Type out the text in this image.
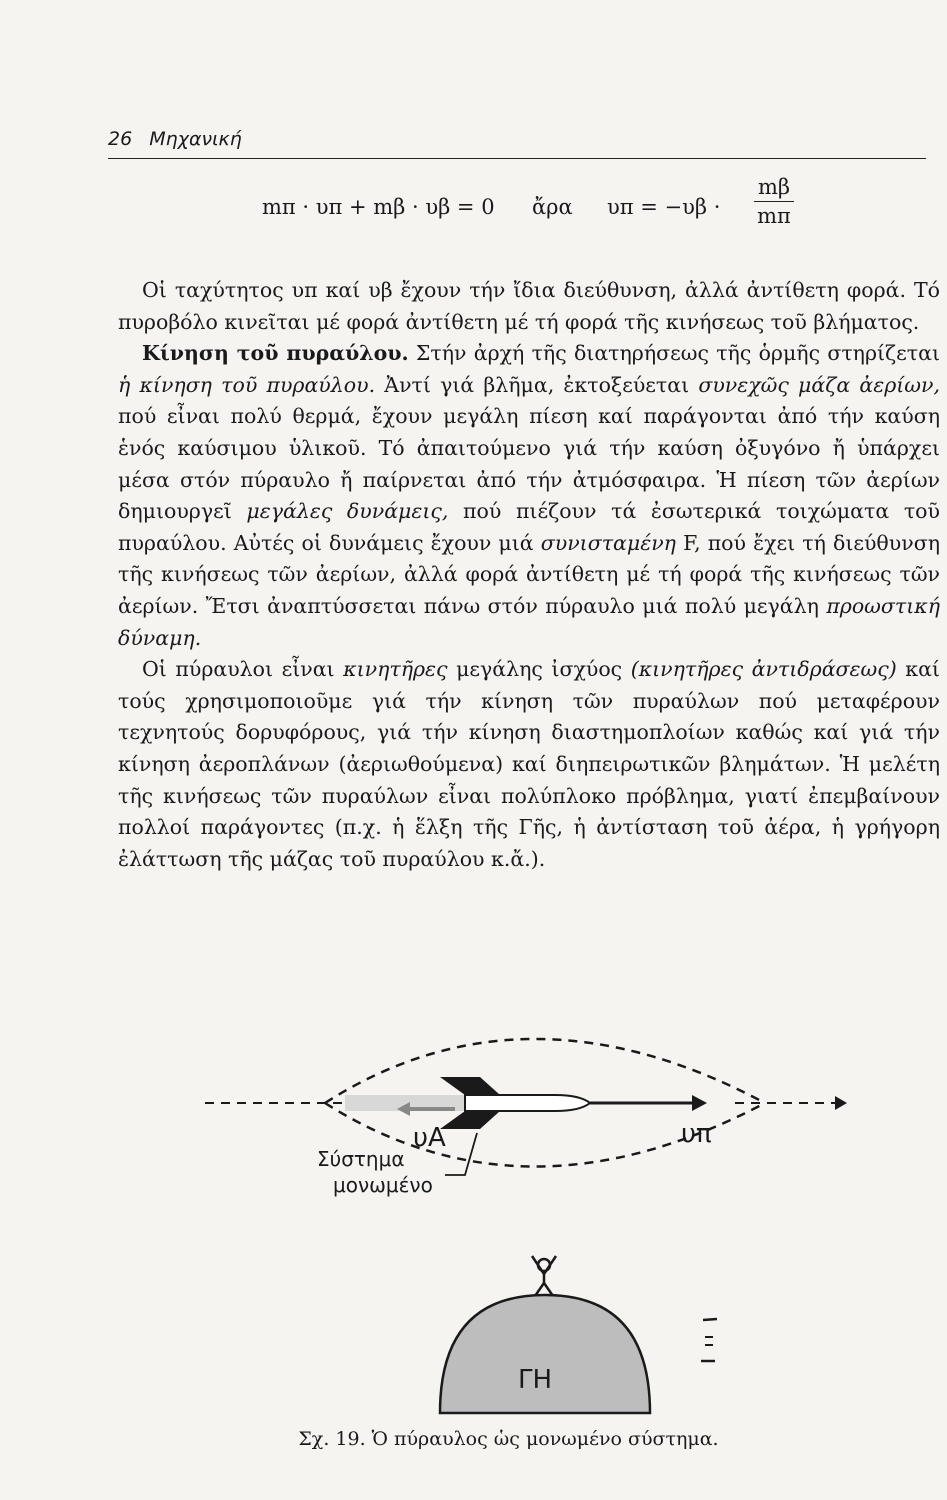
26 Μηχανική
mπ · υπ + mβ · υβ = 0 ἄρα $\upsilon\pi = -\upsilon\beta \cdot \frac{m\beta}{m\pi}$

Οἱ ταχύτητος υπ καί υβ ἔχουν τήν ἴδια διεύθυνση, ἀλλά ἀντίθετη φορά. Τό πυροβόλο κινεῖται μέ φορά ἀντίθετη μέ τή φορά τῆς κινήσεως τοῦ βλήματος.

Κίνηση τοῦ πυραύλου. Στήν ἀρχή τῆς διατηρήσεως τῆς ὁρμῆς στηρίζεται ἡ κίνηση τοῦ πυραύλου. Ἀντί γιά βλῆμα, ἐκτοξεύεται συνεχῶς μάζα ἀερίων, πού εἶναι πολύ θερμά, ἔχουν μεγάλη πίεση καί παράγονται ἀπό τήν καύση ἑνός καύσιμου ὑλικοῦ. Τό ἀπαιτούμενο γιά τήν καύση ὀξυγόνο ἤ ὑπάρχει μέσα στόν πύραυλο ἤ παίρνεται ἀπό τήν ἀτμόσφαιρα. Ἡ πίεση τῶν ἀερίων δημιουργεῖ μεγάλες δυνάμεις, πού πιέζουν τά ἐσωτερικά τοιχώματα τοῦ πυραύλου. Αὐτές οἱ δυνάμεις ἔχουν μιά συνισταμένη F, πού ἔχει τή διεύθυνση τῆς κινήσεως τῶν ἀερίων, ἀλλά φορά ἀντίθετη μέ τή φορά τῆς κινήσεως τῶν ἀερίων. Ἔτσι ἀναπτύσσεται πάνω στόν πύραυλο μιά πολύ μεγάλη προωστική δύναμη.

Οἱ πύραυλοι εἶναι κινητῆρες μεγάλης ἰσχύος (κινητῆρες ἀντιδράσεως) καί τούς χρησιμοποιοῦμε γιά τήν κίνηση τῶν πυραύλων πού μεταφέρουν τεχνητούς δορυφόρους, γιά τήν κίνηση διαστημοπλοίων καθώς καί γιά τήν κίνηση ἀεροπλάνων (ἀεριωθούμενα) καί διηπειρωτικῶν βλημάτων. Ἡ μελέτη τῆς κινήσεως τῶν πυραύλων εἶναι πολύπλοκο πρόβλημα, γιατί ἐπεμβαίνουν πολλοί παράγοντες (π.χ. ἡ ἕλξη τῆς Γῆς, ἡ ἀντίσταση τοῦ ἀέρα, ἡ γρήγορη ἐλάττωση τῆς μάζας τοῦ πυραύλου κ.ἄ.).

υA	υπ
Σύστημα
μονωμένο
ΓΗ
Σχ. 19. Ὁ πύραυλος ὡς μονωμένο σύστημα.
